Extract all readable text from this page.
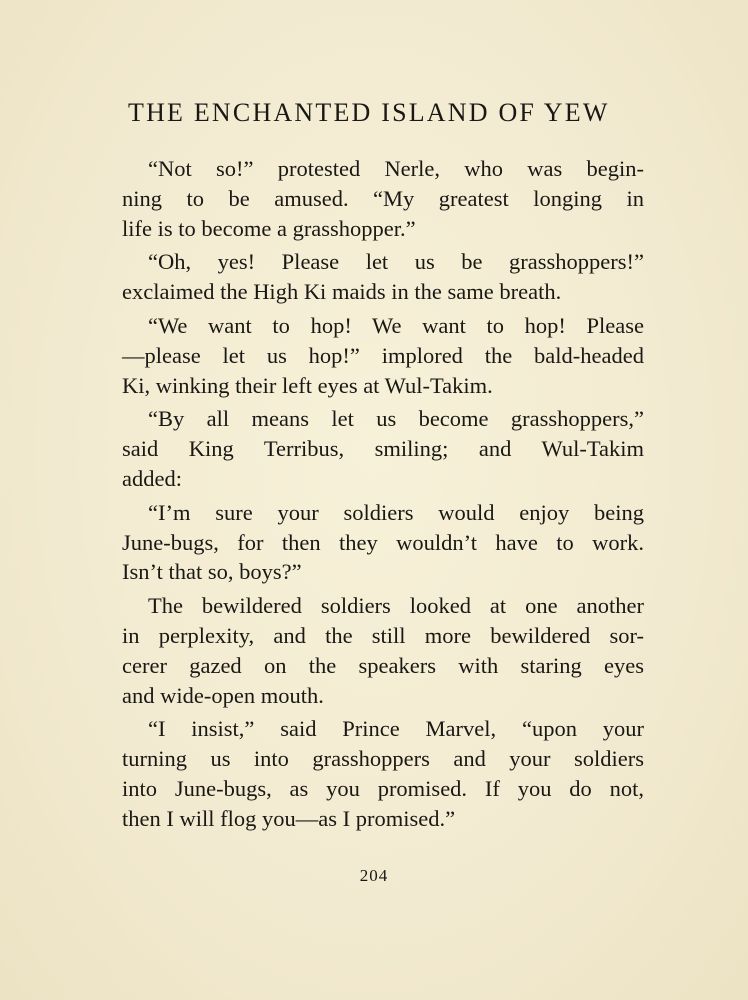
THE ENCHANTED ISLAND OF YEW
“Not so!” protested Nerle, who was begin-
ning to be amused. “My greatest longing in
life is to become a grasshopper.”
“Oh, yes! Please let us be grasshoppers!”
exclaimed the High Ki maids in the same breath.
“We want to hop! We want to hop! Please
—please let us hop!” implored the bald-headed
Ki, winking their left eyes at Wul-Takim.
“By all means let us become grasshoppers,”
said King Terribus, smiling; and Wul-Takim
added:
“I’m sure your soldiers would enjoy being
June-bugs, for then they wouldn’t have to work.
Isn’t that so, boys?”
The bewildered soldiers looked at one another
in perplexity, and the still more bewildered sor-
cerer gazed on the speakers with staring eyes
and wide-open mouth.
“I insist,” said Prince Marvel, “upon your
turning us into grasshoppers and your soldiers
into June-bugs, as you promised. If you do not,
then I will flog you—as I promised.”
204
